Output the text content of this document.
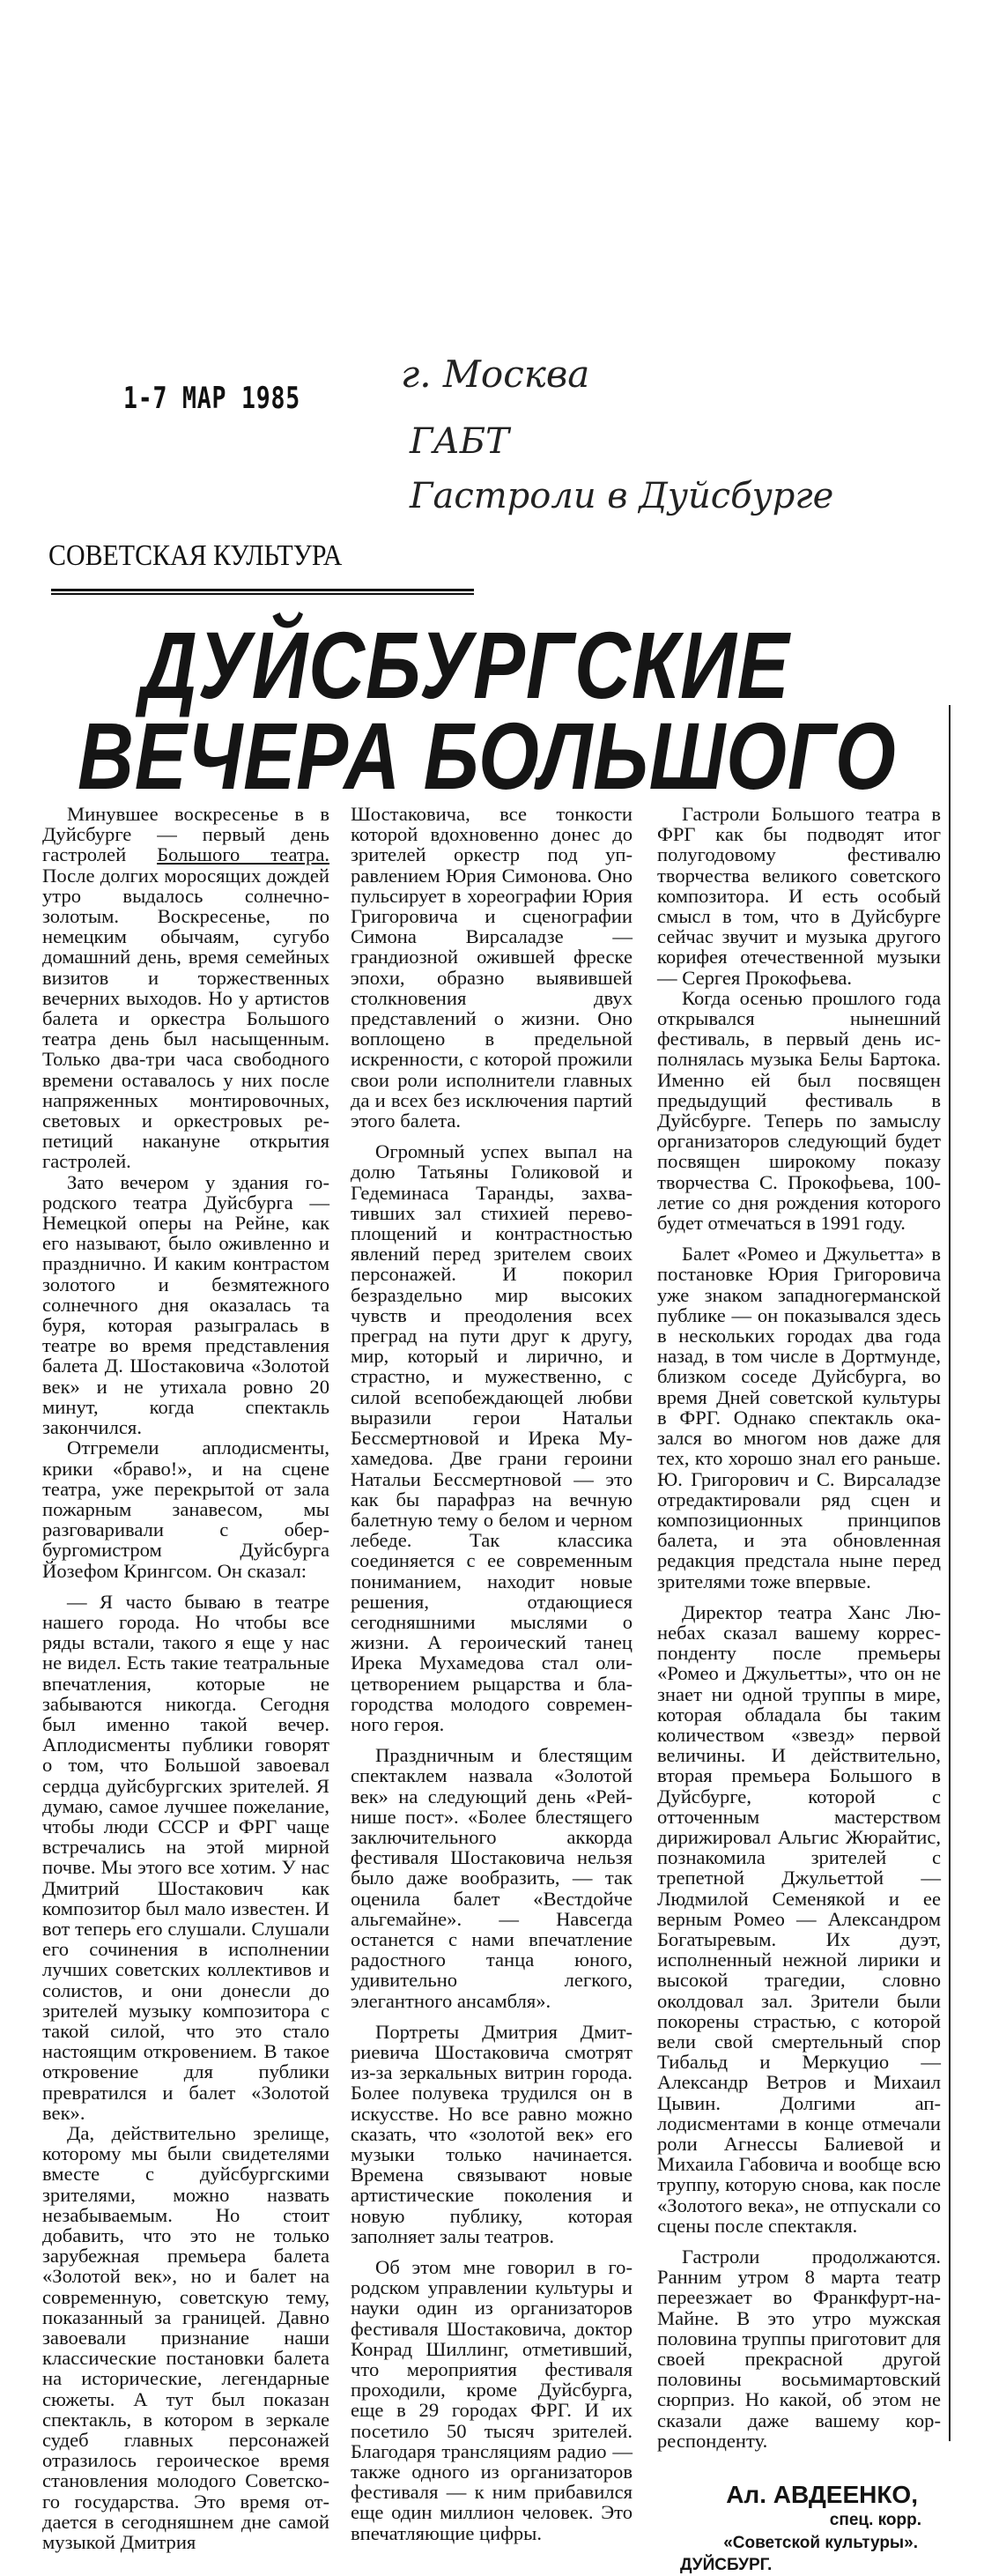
1-7 МАР 1985
г. Москва
ГАБТ
Гастроли в Дуйсбурге
СОВЕТСКАЯ КУЛЬТУРА
ДУЙСБУРГСКИЕ
ВЕЧЕРА БОЛЬШОГО

Минувшее воскресенье в в Дуйсбурге — первый день гастролей Большого театра. После долгих моросящих дождей утро выдалось солнечно-золотым. Воскресенье, по немецким обычаям, сугубо домашний день, время семейных визитов и торжественных вечерних выходов. Но у артистов балета и оркестра Большого театра день был насыщенным. Только два-три часа свободного времени оставалось у них после напряженных монтировочных, световых и оркестровых репетиций накануне открытия гастролей.

Зато вечером у здания городского театра Дуйсбурга — Немецкой оперы на Рейне, как его называют, было оживленно и празднично. И каким контрастом золотого и безмятежного солнечного дня оказалась та буря, которая разыгралась в театре во время представления балета Д. Шостаковича «Золотой век» и не утихала ровно 20 минут, когда спектакль закончился.

Отгремели аплодисменты, крики «браво!», и на сцене театра, уже перекрытой от зала пожарным занавесом, мы разговаривали с обербургомистром Дуйсбурга Йозефом Крингсом. Он сказал:

— Я часто бываю в театре нашего города. Но чтобы все ряды встали, такого я еще у нас не видел. Есть такие театральные впечатления, которые не забываются никогда. Сегодня был именно такой вечер. Аплодисменты публики говорят о том, что Большой завоевал сердца дуйсбургских зрителей. Я думаю, самое лучшее пожелание, чтобы люди СССР и ФРГ чаще встречались на этой мирной почве. Мы этого все хотим. У нас Дмитрий Шостакович как композитор был мало известен. И вот теперь его слушали. Слушали его сочинения в исполнении лучших советских коллективов и солистов, и они донесли до зрителей музыку композитора с такой силой, что это стало настоящим откровением. В такое откровение для публики превратился и балет «Золотой век».

Да, действительно зрелище, которому мы были свидетелями вместе с дуйсбургскими зрителями, можно назвать незабываемым. Но стоит добавить, что это не только зарубежная премьера балета «Золотой век», но и балет на современную, советскую тему, показанный за границей. Давно завоевали признание наши классические постановки балета на исторические, легендарные сюжеты. А тут был показан спектакль, в котором в зеркале судеб главных персонажей отразилось героическое время становления молодого Советского государства. Это время отдается в сегодняшнем дне самой музыкой Дмитрия

Шостаковича, все тонкости которой вдохновенно донес до зрителей оркестр под управлением Юрия Симонова. Оно пульсирует в хореографии Юрия Григоровича и сценографии Симона Вирсаладзе — грандиозной ожившей фреске эпохи, образно выявившей столкновения двух представлений о жизни. Оно воплощено в предельной искренности, с которой прожили свои роли исполнители главных да и всех без исключения партий этого балета.

Огромный успех выпал на долю Татьяны Голиковой и Гедеминаса Таранды, захвативших зал стихией перевоплощений и контрастностью явлений перед зрителем своих персонажей. И покорил безраздельно мир высоких чувств и преодоления всех преград на пути друг к другу, мир, который и лирично, и страстно, и мужественно, с силой всепобеждающей любви выразили герои Натальи Бессмертновой и Ирека Мухамедова. Две грани героини Натальи Бессмертновой — это как бы парафраз на вечную балетную тему о белом и черном лебеде. Так классика соединяется с ее современным пониманием, находит новые решения, отдающиеся сегодняшними мыслями о жизни. А героический танец Ирека Мухамедова стал олицетворением рыцарства и благородства молодого современного героя.

Праздничным и блестящим спектаклем назвала «Золотой век» на следующий день «Рейнише пост». «Более блестящего заключительного аккорда фестиваля Шостаковича нельзя было даже вообразить, — так оценила балет «Вестдойче альгемайне». — Навсегда останется с нами впечатление радостного танца юного, удивительно легкого, элегантного ансамбля».

Портреты Дмитрия Дмитриевича Шостаковича смотрят из-за зеркальных витрин города. Более полувека трудился он в искусстве. Но все равно можно сказать, что «золотой век» его музыки только начинается. Времена связывают новые артистические поколения и новую публику, которая заполняет залы театров.

Об этом мне говорил в городском управлении культуры и науки один из организаторов фестиваля Шостаковича, доктор Конрад Шиллинг, отметивший, что мероприятия фестиваля проходили, кроме Дуйсбурга, еще в 29 городах ФРГ. И их посетило 50 тысяч зрителей. Благодаря трансляциям радио — также одного из организаторов фестиваля — к ним прибавился еще один миллион человек. Это впечатляющие цифры.

Гастроли Большого театра в ФРГ как бы подводят итог полугодовому фестивалю творчества великого советского композитора. И есть особый смысл в том, что в Дуйсбурге сейчас звучит и музыка другого корифея отечественной музыки — Сергея Прокофьева.

Когда осенью прошлого года открывался нынешний фестиваль, в первый день исполнялась музыка Белы Бартока. Именно ей был посвящен предыдущий фестиваль в Дуйсбурге. Теперь по замыслу организаторов следующий будет посвящен широкому показу творчества С. Прокофьева, 100-летие со дня рождения которого будет отмечаться в 1991 году.

Балет «Ромео и Джульетта» в постановке Юрия Григоровича уже знаком западногерманской публике — он показывался здесь в нескольких городах два года назад, в том числе в Дортмунде, близком соседе Дуйсбурга, во время Дней советской культуры в ФРГ. Однако спектакль оказался во многом нов даже для тех, кто хорошо знал его раньше. Ю. Григорович и С. Вирсаладзе отредактировали ряд сцен и композиционных принципов балета, и эта обновленная редакция предстала ныне перед зрителями тоже впервые.

Директор театра Ханс Люнебах сказал вашему корреспонденту после премьеры «Ромео и Джульетты», что он не знает ни одной труппы в мире, которая обладала бы таким количеством «звезд» первой величины. И действительно, вторая премьера Большого в Дуйсбурге, которой с отточенным мастерством дирижировал Альгис Жюрайтис, познакомила зрителей с трепетной Джульеттой — Людмилой Семенякой и ее верным Ромео — Александром Богатыревым. Их дуэт, исполненный нежной лирики и высокой трагедии, словно околдовал зал. Зрители были покорены страстью, с которой вели свой смертельный спор Тибальд и Меркуцио — Александр Ветров и Михаил Цывин. Долгими аплодисментами в конце отмечали роли Агнессы Балиевой и Михаила Габовича и вообще всю труппу, которую снова, как после «Золотого века», не отпускали со сцены после спектакля.

Гастроли продолжаются. Ранним утром 8 марта театр переезжает во Франкфурт-на-Майне. В это утро мужская половина труппы приготовит для своей прекрасной другой половины восьмимартовский сюрприз. Но какой, об этом не сказали даже вашему корреспонденту.

Ал. АВДЕЕНКО,
спец. корр.
«Советской культуры».
ДУЙСБУРГ.
